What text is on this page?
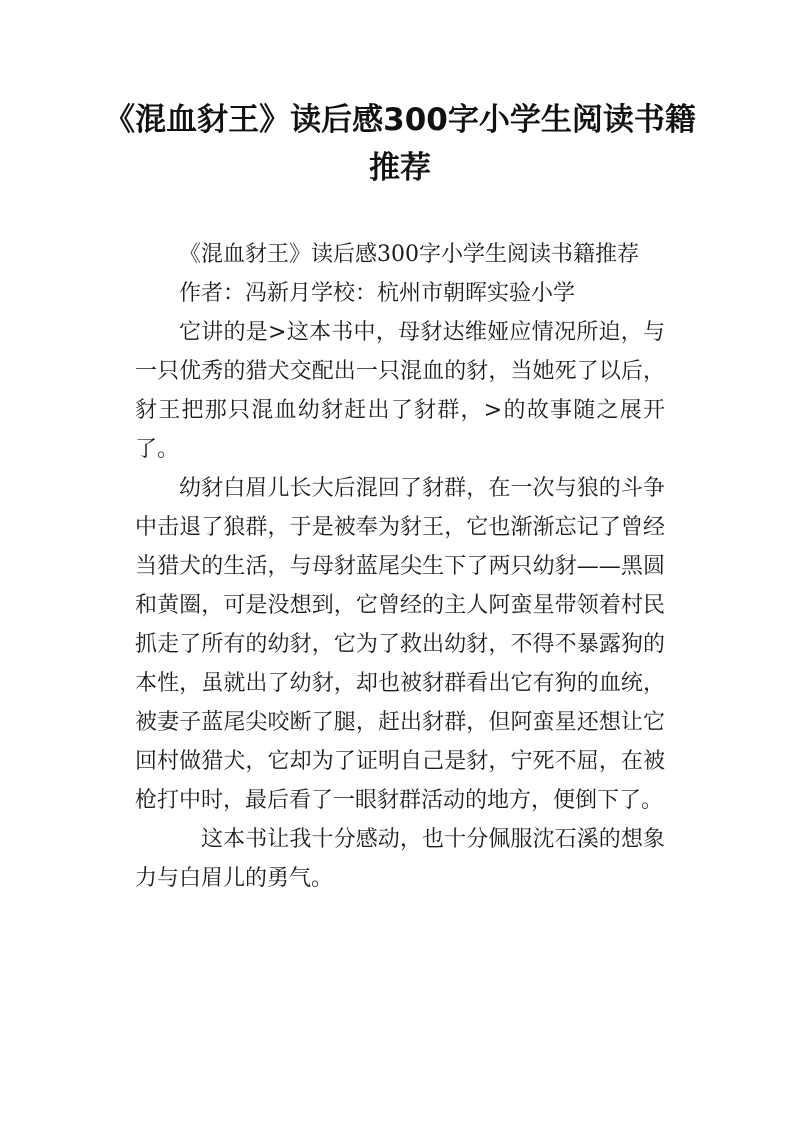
《混血豺王》读后感300字小学生阅读书籍推荐

《混血豺王》读后感300字小学生阅读书籍推荐

作者：冯新月学校：杭州市朝晖实验小学

它讲的是>这本书中，母豺达维娅应情况所迫，与一只优秀的猎犬交配出一只混血的豺，当她死了以后，豺王把那只混血幼豺赶出了豺群，>的故事随之展开了。

幼豺白眉儿长大后混回了豺群，在一次与狼的斗争中击退了狼群，于是被奉为豺王，它也渐渐忘记了曾经当猎犬的生活，与母豺蓝尾尖生下了两只幼豺——黑圆和黄圈，可是没想到，它曾经的主人阿蛮星带领着村民抓走了所有的幼豺，它为了救出幼豺，不得不暴露狗的本性，虽就出了幼豺，却也被豺群看出它有狗的血统，被妻子蓝尾尖咬断了腿，赶出豺群，但阿蛮星还想让它回村做猎犬，它却为了证明自己是豺，宁死不屈，在被枪打中时，最后看了一眼豺群活动的地方，便倒下了。

这本书让我十分感动，也十分佩服沈石溪的想象力与白眉儿的勇气。
